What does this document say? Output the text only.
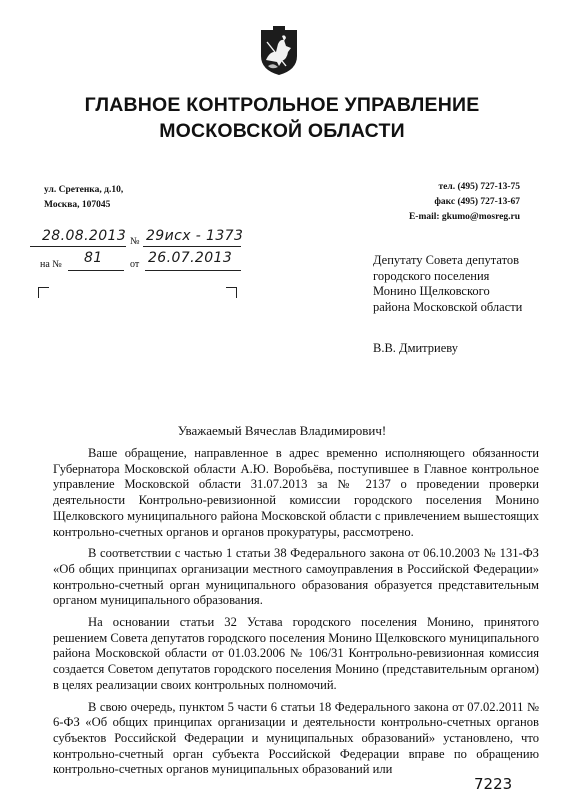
ГЛАВНОЕ КОНТРОЛЬНОЕ УПРАВЛЕНИЕ
МОСКОВСКОЙ ОБЛАСТИ
ул. Сретенка, д.10,
Москва, 107045
тел. (495) 727-13-75
факс (495) 727-13-67
E-mail: gkumo@mosreg.ru
28.08.2013 № 29исх - 1373
на № 81	от 26.07.2013	Депутату Совета депутатов
городского поселения
Монино Щелковского
района Московской области
В.В. Дмитриеву
Уважаемый Вячеслав Владимирович!

Ваше обращение, направленное в адрес временно исполняющего обязанности Губернатора Московской области А.Ю. Воробьёва, поступившее в Главное контрольное управление Московской области 31.07.2013 за № 2137 о проведении проверки деятельности Контрольно-ревизионной комиссии городского поселения Монино Щелковского муниципального района Московской области с привлечением вышестоящих контрольно-счетных органов и органов прокуратуры, рассмотрено.

В соответствии с частью 1 статьи 38 Федерального закона от 06.10.2003 № 131-ФЗ «Об общих принципах организации местного самоуправления в Российской Федерации» контрольно-счетный орган муниципального образования образуется представительным органом муниципального образования.

На основании статьи 32 Устава городского поселения Монино, принятого решением Совета депутатов городского поселения Монино Щелковского муниципального района Московской области от 01.03.2006 № 106/31 Контрольно-ревизионная комиссия создается Советом депутатов городского поселения Монино (представительным органом) в целях реализации своих контрольных полномочий.

В свою очередь, пунктом 5 части 6 статьи 18 Федерального закона от 07.02.2011 № 6-ФЗ «Об общих принципах организации и деятельности контрольно-счетных органов субъектов Российской Федерации и муниципальных образований» установлено, что контрольно-счетный орган субъекта Российской Федерации вправе по обращению контрольно-счетных органов муниципальных образований или

7223
